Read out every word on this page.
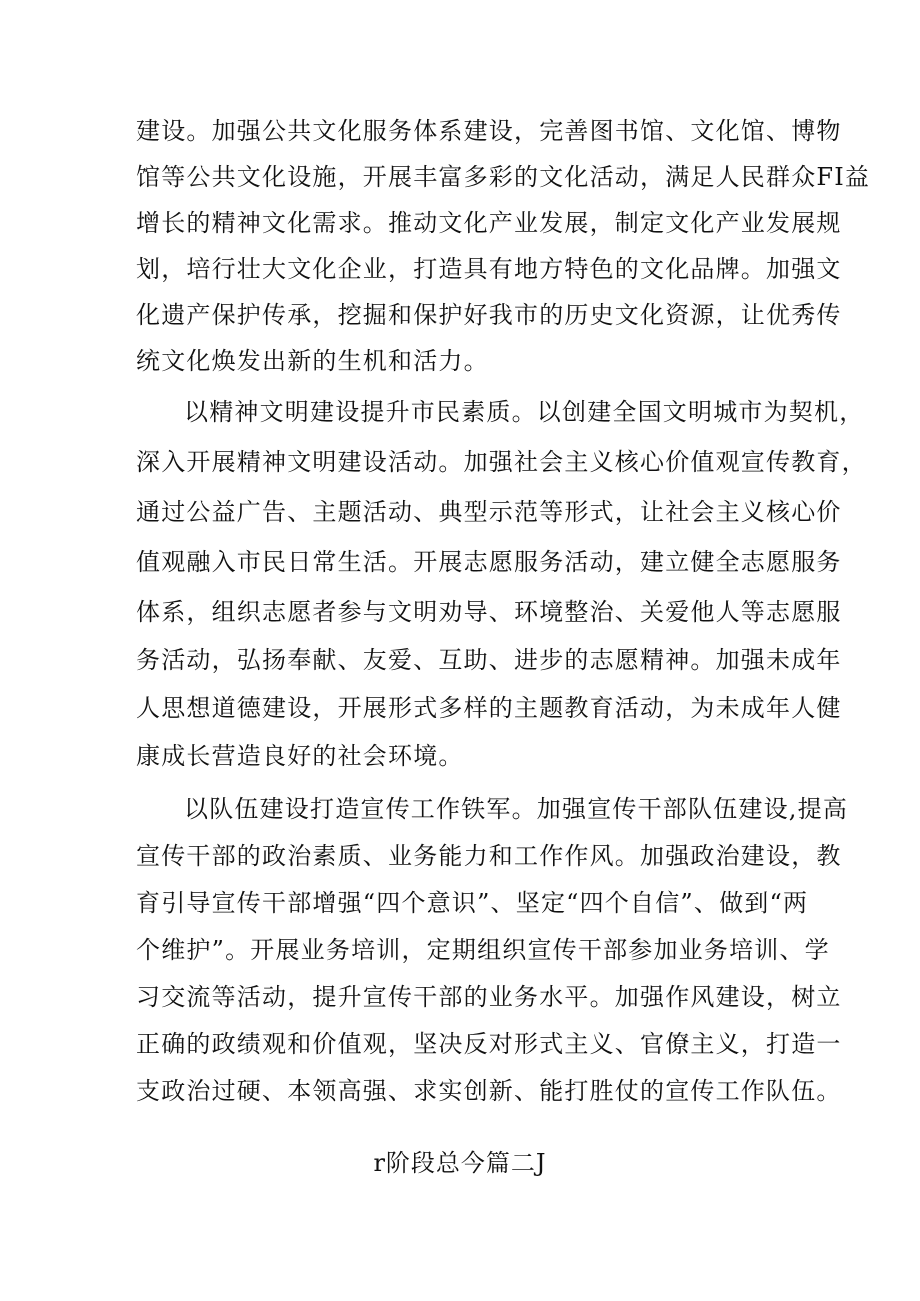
建设。加强公共文化服务体系建设，完善图书馆、文化馆、博物
馆等公共文化设施，开展丰富多彩的文化活动，满足人民群众FI益
增长的精神文化需求。推动文化产业发展，制定文化产业发展规
划，培行壮大文化企业，打造具有地方特色的文化品牌。加强文
化遗产保护传承，挖掘和保护好我市的历史文化资源，让优秀传
统文化焕发出新的生机和活力。
以精神文明建设提升市民素质。以创建全国文明城市为契机，
深入开展精神文明建设活动。加强社会主义核心价值观宣传教育，
通过公益广告、主题活动、典型示范等形式，让社会主义核心价
值观融入市民日常生活。开展志愿服务活动，建立健全志愿服务
体系，组织志愿者参与文明劝导、环境整治、关爱他人等志愿服
务活动，弘扬奉献、友爱、互助、进步的志愿精神。加强未成年
人思想道德建设，开展形式多样的主题教育活动，为未成年人健
康成长营造良好的社会环境。
以队伍建设打造宣传工作铁军。加强宣传干部队伍建设,提高
宣传干部的政治素质、业务能力和工作作风。加强政治建设，教
育引导宣传干部增强“四个意识”、坚定“四个自信”、做到“两
个维护”。开展业务培训，定期组织宣传干部参加业务培训、学
习交流等活动，提升宣传干部的业务水平。加强作风建设，树立
正确的政绩观和价值观，坚决反对形式主义、官僚主义，打造一
支政治过硬、本领高强、求实创新、能打胜仗的宣传工作队伍。
r阶段总今篇二J
